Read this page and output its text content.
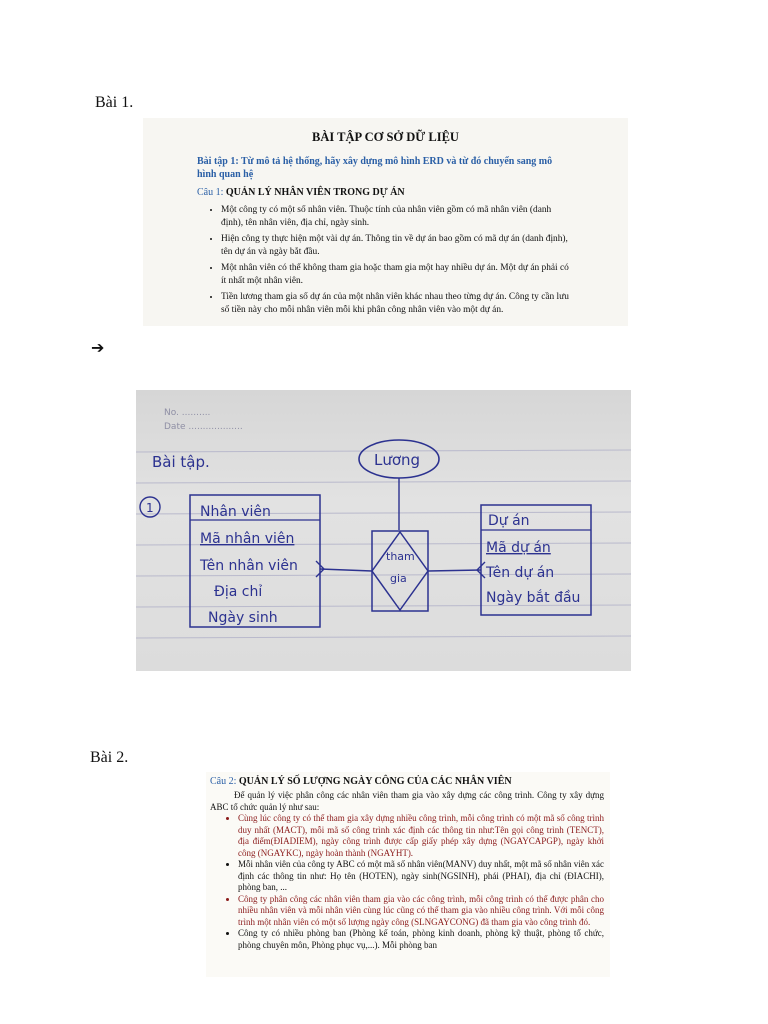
Bài 1.
BÀI TẬP CƠ SỞ DỮ LIỆU
Bài tập 1: Từ mô tả hệ thống, hãy xây dựng mô hình ERD và từ đó chuyển sang mô hình quan hệ
Câu 1: QUẢN LÝ NHÂN VIÊN TRONG DỰ ÁN
• Một công ty có một số nhân viên. Thuộc tính của nhân viên gồm có mã nhân viên (danh định), tên nhân viên, địa chỉ, ngày sinh.
• Hiện công ty thực hiện một vài dự án. Thông tin về dự án bao gồm có mã dự án (danh định), tên dự án và ngày bắt đầu.
• Một nhân viên có thể không tham gia hoặc tham gia một hay nhiều dự án. Một dự án phải có ít nhất một nhân viên.
• Tiền lương tham gia số dự án của một nhân viên khác nhau theo từng dự án. Công ty cần lưu số tiền này cho mỗi nhân viên mỗi khi phân công nhân viên vào một dự án.
➔
No. ..........
Date ...................
Bài tập.
1
Lương
Nhân viên
Mã nhân viên
Tên nhân viên
Địa chỉ
Ngày sinh
tham
gia
Dự án
Mã dự án
Tên dự án
Ngày bắt đầu
Bài 2.
Câu 2: QUẢN LÝ SỐ LƯỢNG NGÀY CÔNG CỦA CÁC NHÂN VIÊN

Để quản lý việc phân công các nhân viên tham gia vào xây dựng các công trình. Công ty xây dựng ABC tổ chức quản lý như sau:

• Cùng lúc công ty có thể tham gia xây dựng nhiều công trình, mỗi công trình có một mã số công trình duy nhất (MACT), mỗi mã số công trình xác định các thông tin như:Tên gọi công trình (TENCT), địa điểm(ĐIADIEM), ngày công trình được cấp giấy phép xây dựng (NGAYCAPGP), ngày khởi công (NGAYKC), ngày hoàn thành (NGAYHT).
• Mỗi nhân viên của công ty ABC có một mã số nhân viên(MANV) duy nhất, một mã số nhân viên xác định các thông tin như: Họ tên (HOTEN), ngày sinh(NGSINH), phái (PHAI), địa chỉ (ĐIACHI), phòng ban, ...
• Công ty phân công các nhân viên tham gia vào các công trình, mỗi công trình có thể được phân cho nhiều nhân viên và mỗi nhân viên cùng lúc cũng có thể tham gia vào nhiều công trình. Với mỗi công trình một nhân viên có một số lượng ngày công (SLNGAYCONG) đã tham gia vào công trình đó.
• Công ty có nhiều phòng ban (Phòng kế toán, phòng kinh doanh, phòng kỹ thuật, phòng tổ chức, phòng chuyên môn, Phòng phục vụ,...). Mỗi phòng ban
